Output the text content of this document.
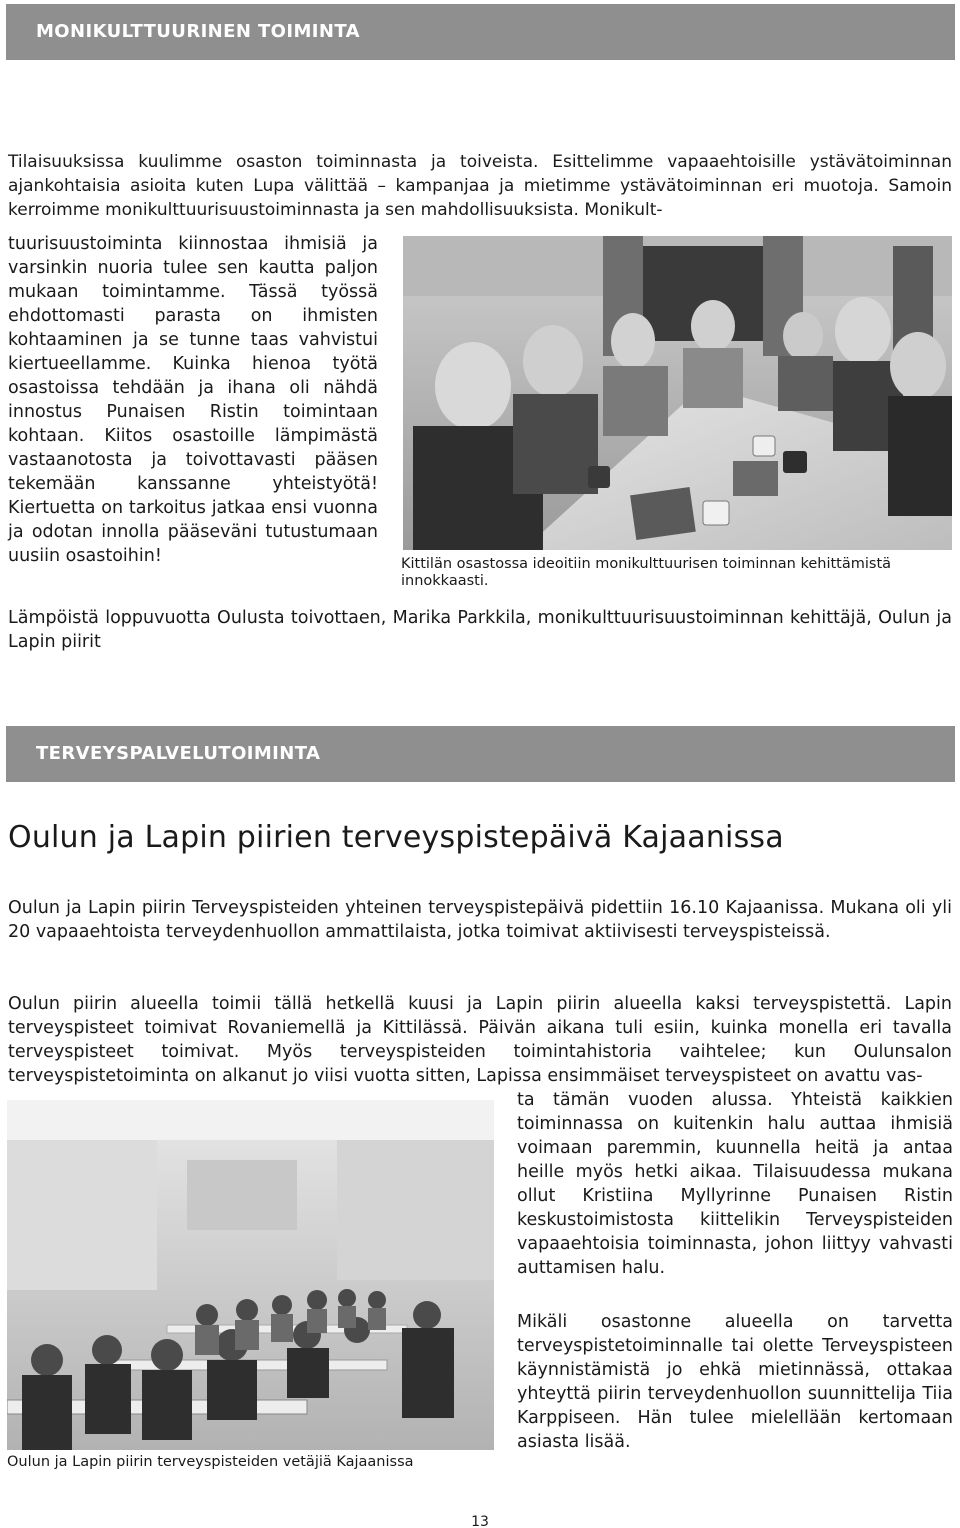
MONIKULTTUURINEN TOIMINTA

Tilaisuuksissa kuulimme osaston toiminnasta ja toiveista. Esittelimme vapaaehtoisille ystävätoiminnan ajankohtaisia asioita kuten Lupa välittää – kampanjaa ja mietimme ystävätoiminnan eri muotoja. Samoin kerroimme monikulttuurisuustoiminnasta ja sen mahdollisuuksista. Monikult-

tuurisuustoiminta kiinnostaa ihmisiä ja varsinkin nuoria tulee sen kautta paljon mukaan toimintamme. Tässä työssä ehdottomasti parasta on ihmisten kohtaaminen ja se tunne taas vahvistui kiertueellamme. Kuinka hienoa työtä osastoissa tehdään ja ihana oli nähdä innostus Punaisen Ristin toimintaan kohtaan. Kiitos osastoille lämpimästä vastaanotosta ja toivottavasti pääsen tekemään kanssanne yhteistyötä! Kiertuetta on tarkoitus jatkaa ensi vuonna ja odotan innolla pääseväni tutustumaan uusiin osastoihin!	Kittilän osastossa ideoitiin monikulttuurisen toiminnan kehittämistä innokkaasti.

Lämpöistä loppuvuotta Oulusta toivottaen, Marika Parkkila, monikulttuurisuustoiminnan kehittäjä, Oulun ja Lapin piirit

TERVEYSPALVELUTOIMINTA
Oulun ja Lapin piirien terveyspistepäivä Kajaanissa

Oulun ja Lapin piirin Terveyspisteiden yhteinen terveyspistepäivä pidettiin 16.10 Kajaanissa. Mukana oli yli 20 vapaaehtoista terveydenhuollon ammattilaista, jotka toimivat aktiivisesti terveyspisteissä.

Oulun piirin alueella toimii tällä hetkellä kuusi ja Lapin piirin alueella kaksi terveyspistettä. Lapin terveyspisteet toimivat Rovaniemellä ja Kittilässä. Päivän aikana tuli esiin, kuinka monella eri tavalla terveyspisteet toimivat. Myös terveyspisteiden toimintahistoria vaihtelee; kun Oulunsalon terveyspistetoiminta on alkanut jo viisi vuotta sitten, Lapissa ensimmäiset terveyspisteet on avattu vas-

ta tämän vuoden alussa. Yhteistä kaikkien toiminnassa on kuitenkin halu auttaa ihmisiä voimaan paremmin, kuunnella heitä ja antaa heille myös hetki aikaa. Tilaisuudessa mukana ollut Kristiina Myllyrinne Punaisen Ristin keskustoimistosta kiittelikin Terveyspisteiden vapaaehtoisia toiminnasta, johon liittyy vahvasti auttamisen halu.

Mikäli osastonne alueella on tarvetta terveyspistetoiminnalle tai olette Terveyspisteen käynnistämistä jo ehkä mietinnässä, ottakaa yhteyttä piirin terveydenhuollon suunnittelija Tiia Karppiseen. Hän tulee mielellään kertomaan asiasta lisää.

Oulun ja Lapin piirin terveyspisteiden vetäjiä Kajaanissa
13
